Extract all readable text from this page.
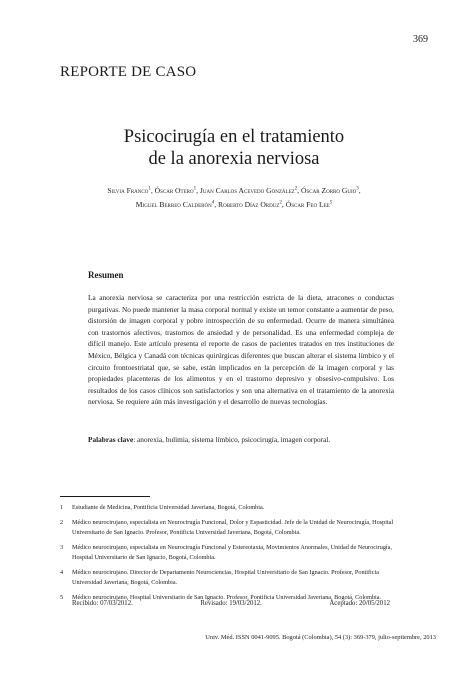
369
REPORTE DE CASO
Psicocirugía en el tratamiento
de la anorexia nerviosa
Silvia Franco$^1$, Óscar Otero$^1$, Juan Carlos Acevedo González$^2$, Óscar Zorro Guio$^3$,
Miguel Berbeo Calderón$^4$, Roberto Díaz Orduz$^2$, Óscar Feo Lee$^5$
Resumen
La anorexia nerviosa se caracteriza por una restricción estricta de la dieta, atracones o conductas purgativas. No puede mantener la masa corporal normal y existe un temor constante a aumentar de peso, distorsión de imagen corporal y pobre introspección de su enfermedad. Ocurre de manera simultánea con trastornos afectivos, trastornos de ansiedad y de personalidad. Es una enfermedad compleja de difícil manejo. Este artículo presenta el reporte de casos de pacientes tratados en tres instituciones de México, Bélgica y Canadá con técnicas quirúrgicas diferentes que buscan alterar el sistema límbico y el circuito frontoestriatal que, se sabe, están implicados en la percepción de la imagen corporal y las propiedades placenteras de los alimentos y en el trastorno depresivo y obsesivo-compulsivo. Los resultados de los casos clínicos son satisfactorios y son una alternativa en el tratamiento de la anorexia nerviosa. Se requiere aún más investigación y el desarrollo de nuevas tecnologías.
Palabras clave: anorexia, bulimia, sistema límbico, psicocirugía, imagen corporal.
1 Estudiante de Medicina, Pontificia Universidad Javeriana, Bogotá, Colombia.
2 Médico neurocirujano, especialista en Neurocirugía Funcional, Dolor y Espasticidad. Jefe de la Unidad de Neurocirugía, Hospital Universitario de San Ignacio. Profesor, Pontificia Universidad Javeriana, Bogotá, Colombia.
3 Médico neurocirujano, especialista en Neurocirugía Funcional y Estereotaxia, Movimientos Anormales, Unidad de Neurocirugía, Hospital Universitario de San Ignacio, Bogotá, Colombia.
4 Médico neurocirujano. Director de Departamento Neurociencias, Hospital Universitario de San Ignacio. Profesor, Pontificia Universidad Javeriana, Bogotá, Colombia.
5 Médico neurocirujano, Hospital Universitario de San Ignacio. Profesor, Pontificia Universidad Javeriana, Bogotá, Colombia.
Recibido: 07/03/2012.	Revisado: 19/03/2012.	Aceptado: 20/05/2012
Univ. Méd. ISSN 0041-9095. Bogotá (Colombia), 54 (3): 369-379, julio-septiembre, 2013
